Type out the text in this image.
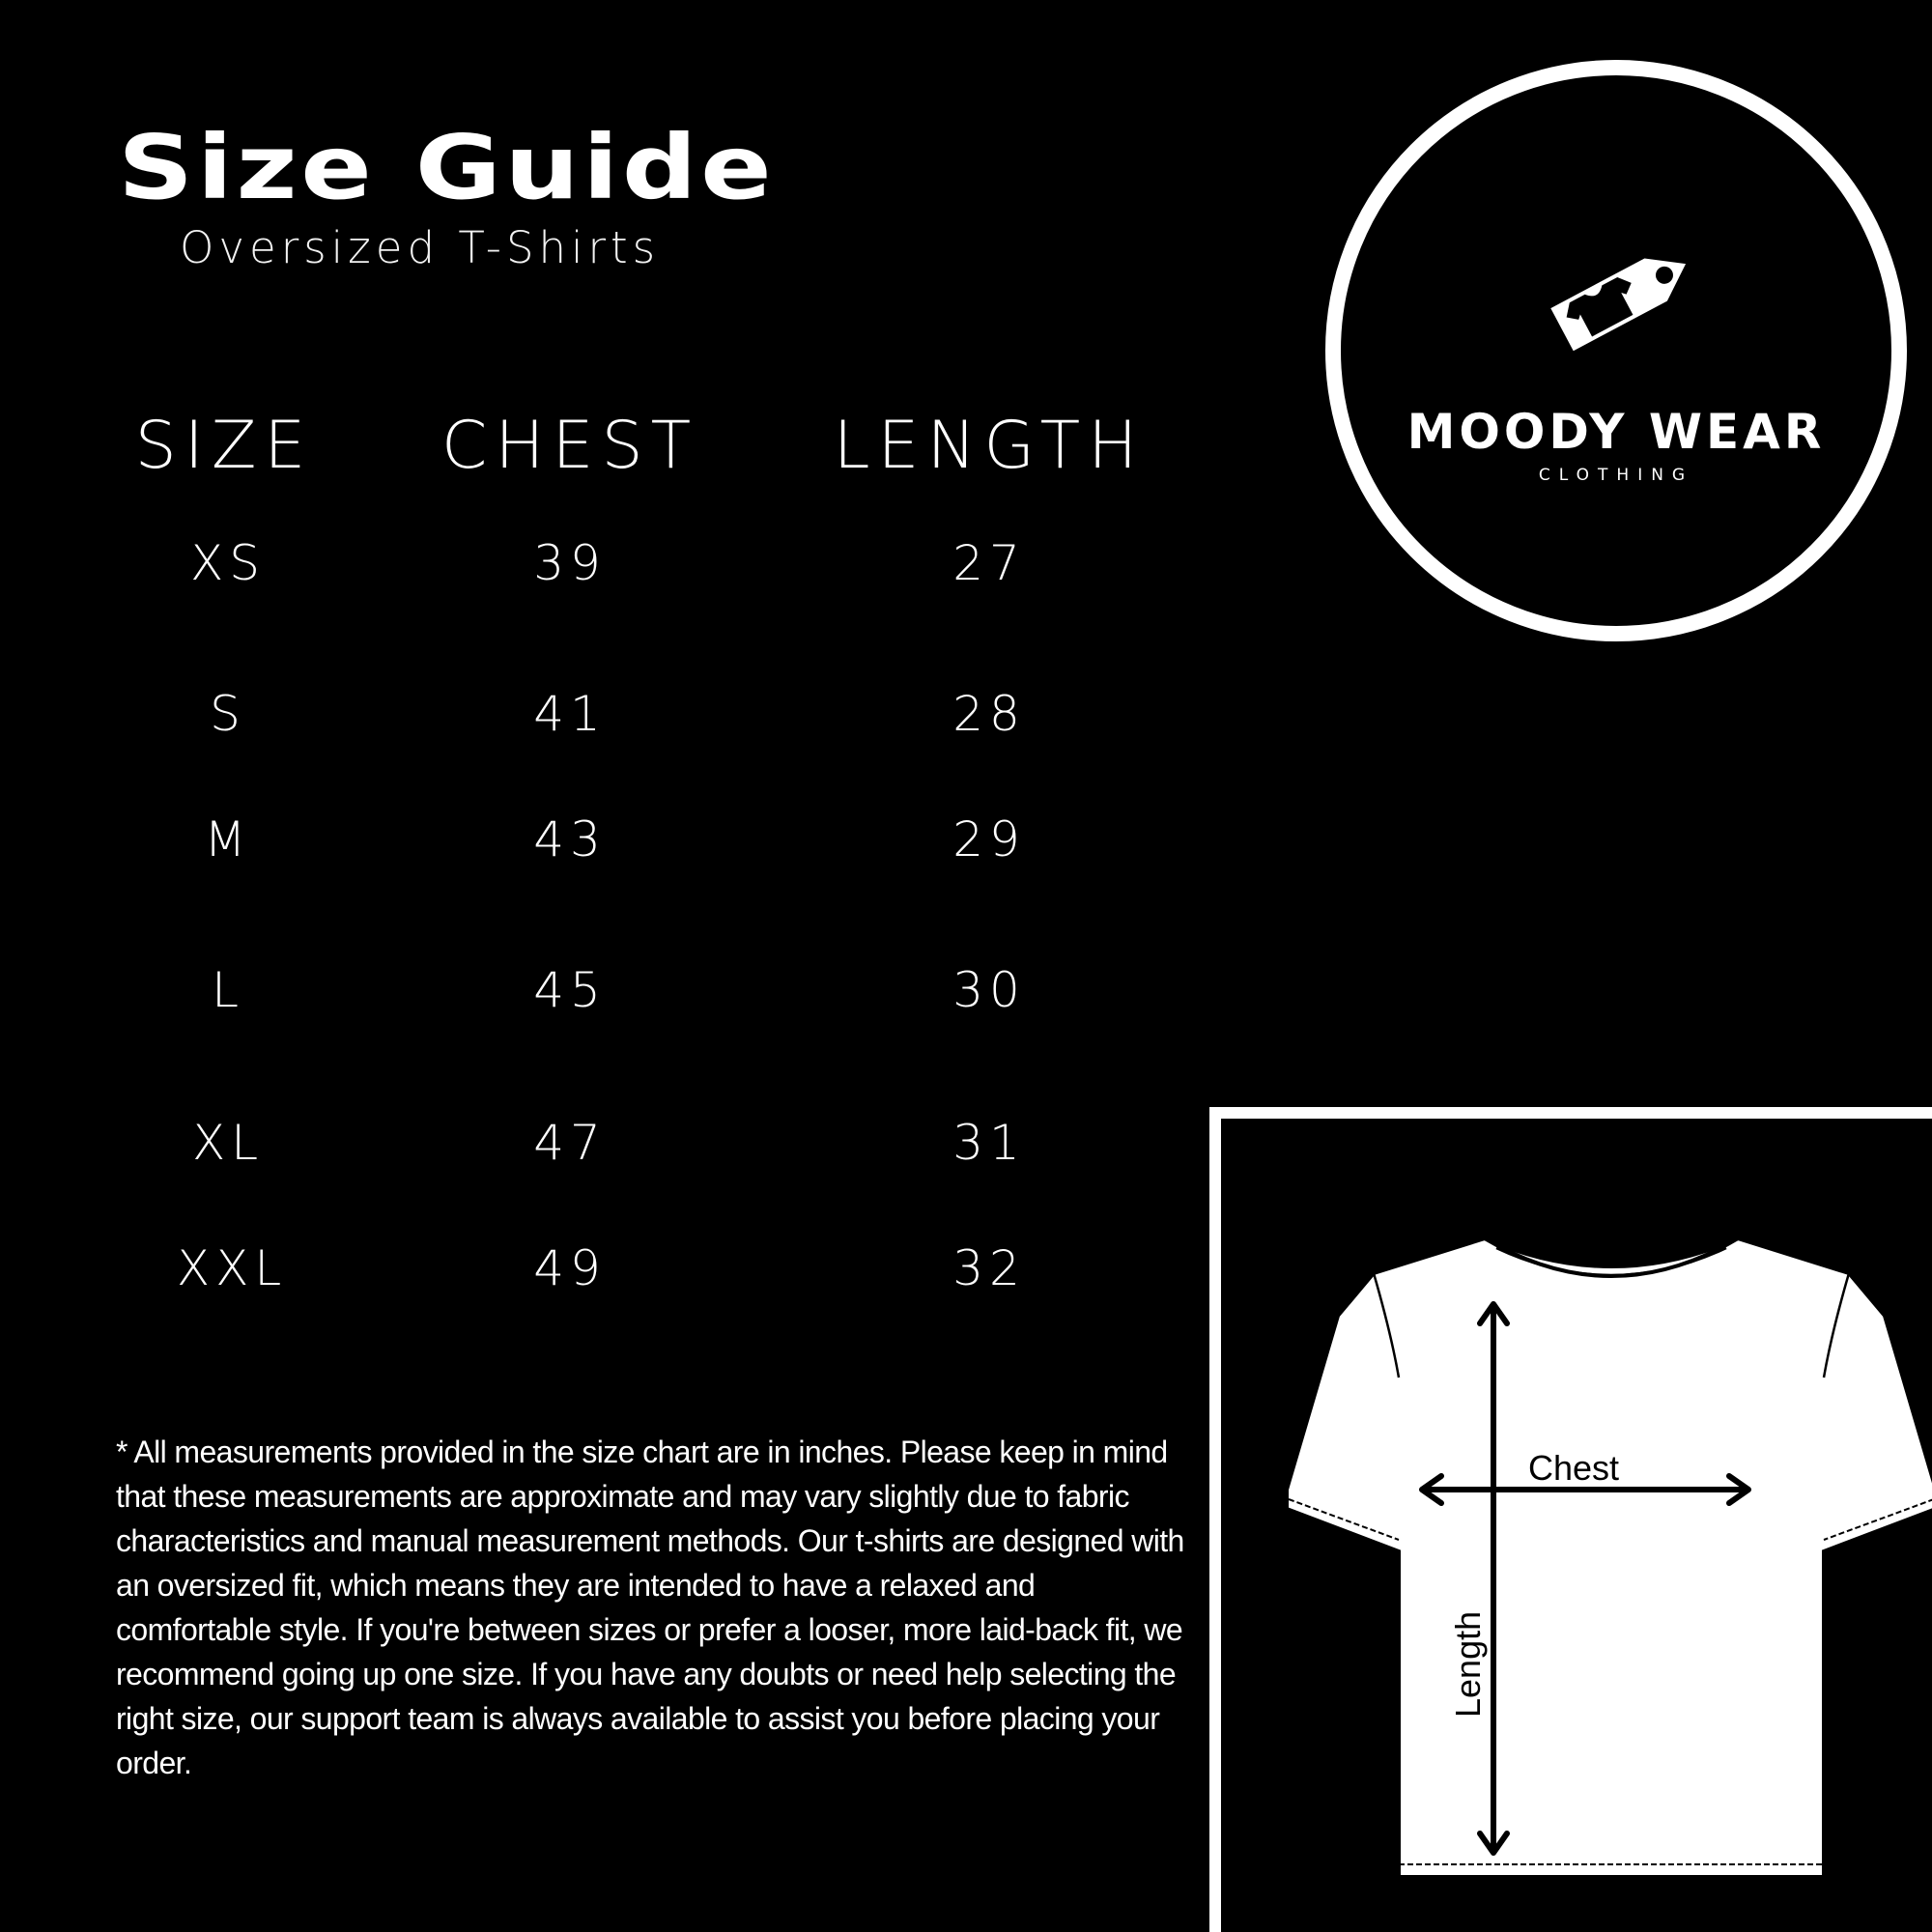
Size Guide
Oversized T-Shirts
SIZE CHEST LENGTH
XS	39	27
S	41	28
M	43	29
L	45	30
XL	47	31
XXL	49	32
* All measurements provided in the size chart are in inches. Please keep in mind that these measurements are approximate and may vary slightly due to fabric characteristics and manual measurement methods. Our t-shirts are designed with an oversized fit, which means they are intended to have a relaxed and comfortable style. If you're between sizes or prefer a looser, more laid-back fit, we recommend going up one size. If you have any doubts or need help selecting the right size, our support team is always available to assist you before placing your order.
MOODY WEAR
CLOTHING
Chest
Length
